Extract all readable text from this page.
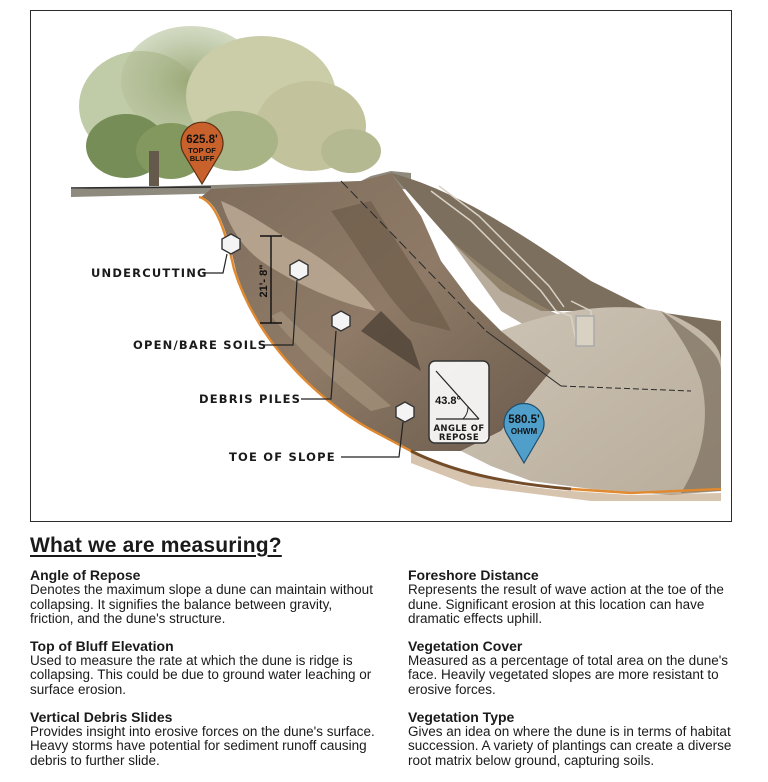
21'- 8"
UNDERCUTTING
OPEN/BARE SOILS
DEBRIS PILES
TOE OF SLOPE
43.8°
ANGLE OF
REPOSE
625.8'
TOP OF
BLUFF
580.5'
OHWM
What we are measuring?
Angle of Repose

Denotes the maximum slope a dune can maintain without collapsing. It signifies the balance between gravity, friction, and the dune's structure.

Top of Bluff Elevation

Used to measure the rate at which the dune is ridge is collapsing. This could be due to ground water leaching or surface erosion.

Vertical Debris Slides

Provides insight into erosive forces on the dune's surface. Heavy storms have potential for sediment runoff causing debris to further slide.

Foreshore Distance

Represents the result of wave action at the toe of the dune. Significant erosion at this location can have dramatic effects uphill.

Vegetation Cover

Measured as a percentage of total area on the dune's face. Heavily vegetated slopes are more resistant to erosive forces.

Vegetation Type

Gives an idea on where the dune is in terms of habitat succession. A variety of plantings can create a diverse root matrix below ground, capturing soils.
